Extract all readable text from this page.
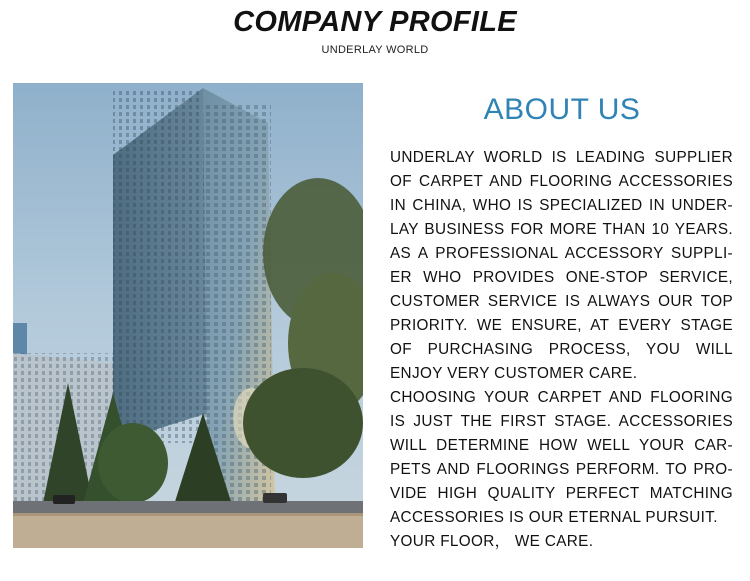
COMPANY PROFILE
UNDERLAY WORLD
ABOUT US
UNDERLAY WORLD IS LEADING SUPPLIER
OF CARPET AND FLOORING ACCESSORIES
IN CHINA, WHO IS SPECIALIZED IN UNDER-
LAY BUSINESS FOR MORE THAN 10 YEARS.
AS A PROFESSIONAL ACCESSORY SUPPLI-
ER WHO PROVIDES ONE-STOP SERVICE,
CUSTOMER SERVICE IS ALWAYS OUR TOP
PRIORITY. WE ENSURE, AT EVERY STAGE
OF PURCHASING PROCESS, YOU WILL
ENJOY VERY CUSTOMER CARE.
CHOOSING YOUR CARPET AND FLOORING
IS JUST THE FIRST STAGE. ACCESSORIES
WILL DETERMINE HOW WELL YOUR CAR-
PETS AND FLOORINGS PERFORM. TO PRO-
VIDE HIGH QUALITY PERFECT MATCHING
ACCESSORIES IS OUR ETERNAL PURSUIT.
YOUR FLOOR， WE CARE.
